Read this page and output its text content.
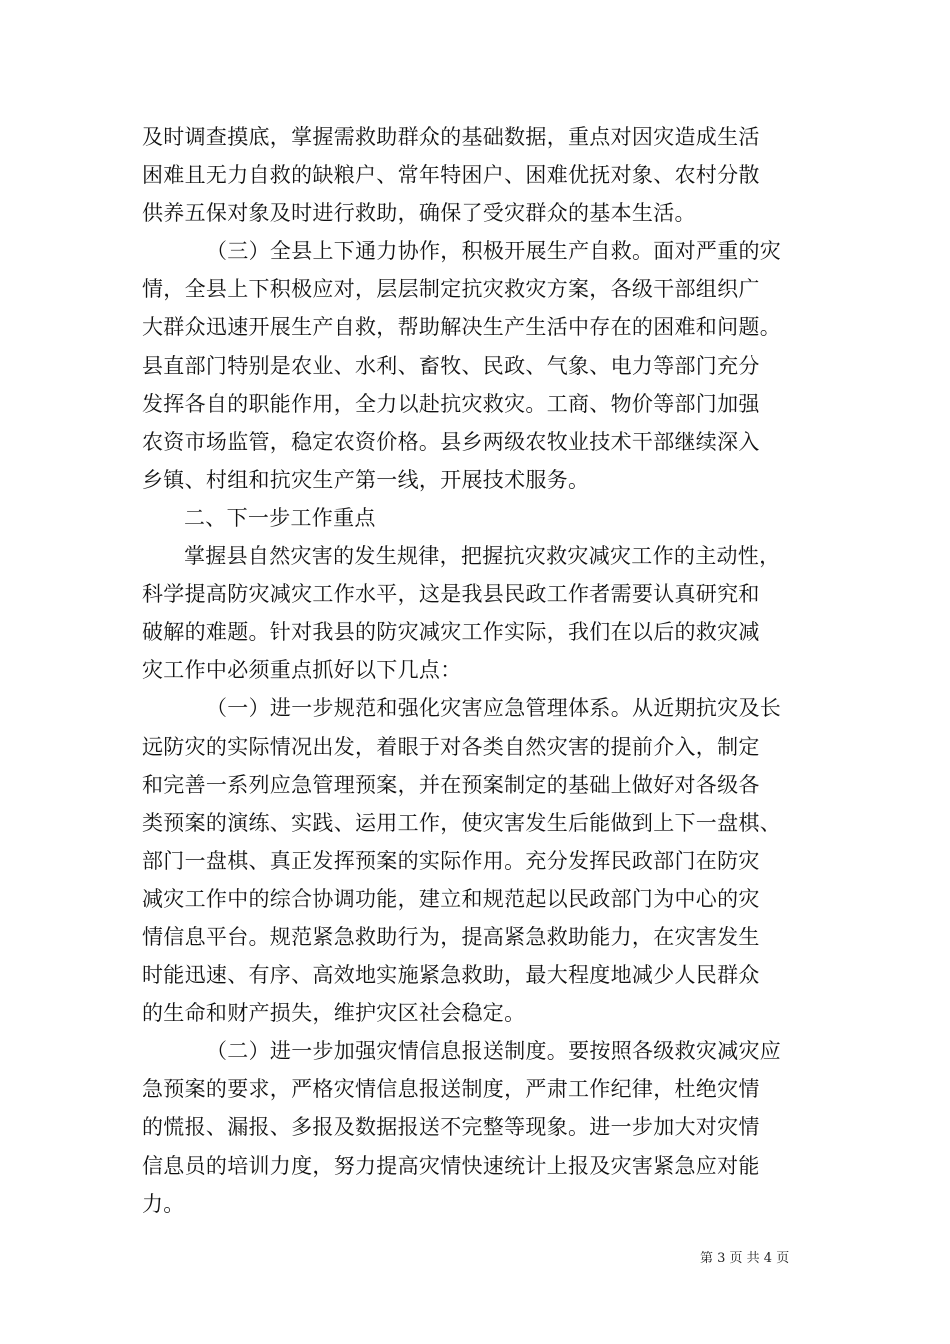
及时调查摸底，掌握需救助群众的基础数据，重点对因灾造成生活
困难且无力自救的缺粮户、常年特困户、困难优抚对象、农村分散
供养五保对象及时进行救助，确保了受灾群众的基本生活。
（三）全县上下通力协作，积极开展生产自救。面对严重的灾
情，全县上下积极应对，层层制定抗灾救灾方案，各级干部组织广
大群众迅速开展生产自救，帮助解决生产生活中存在的困难和问题。
县直部门特别是农业、水利、畜牧、民政、气象、电力等部门充分
发挥各自的职能作用，全力以赴抗灾救灾。工商、物价等部门加强
农资市场监管，稳定农资价格。县乡两级农牧业技术干部继续深入
乡镇、村组和抗灾生产第一线，开展技术服务。
二、下一步工作重点
掌握县自然灾害的发生规律，把握抗灾救灾减灾工作的主动性，
科学提高防灾减灾工作水平，这是我县民政工作者需要认真研究和
破解的难题。针对我县的防灾减灾工作实际，我们在以后的救灾减
灾工作中必须重点抓好以下几点：
（一）进一步规范和强化灾害应急管理体系。从近期抗灾及长
远防灾的实际情况出发，着眼于对各类自然灾害的提前介入，制定
和完善一系列应急管理预案，并在预案制定的基础上做好对各级各
类预案的演练、实践、运用工作，使灾害发生后能做到上下一盘棋、
部门一盘棋、真正发挥预案的实际作用。充分发挥民政部门在防灾
减灾工作中的综合协调功能，建立和规范起以民政部门为中心的灾
情信息平台。规范紧急救助行为，提高紧急救助能力，在灾害发生
时能迅速、有序、高效地实施紧急救助，最大程度地减少人民群众
的生命和财产损失，维护灾区社会稳定。
（二）进一步加强灾情信息报送制度。要按照各级救灾减灾应
急预案的要求，严格灾情信息报送制度，严肃工作纪律，杜绝灾情
的慌报、漏报、多报及数据报送不完整等现象。进一步加大对灾情
信息员的培训力度，努力提高灾情快速统计上报及灾害紧急应对能
力。
第 3 页 共 4 页
